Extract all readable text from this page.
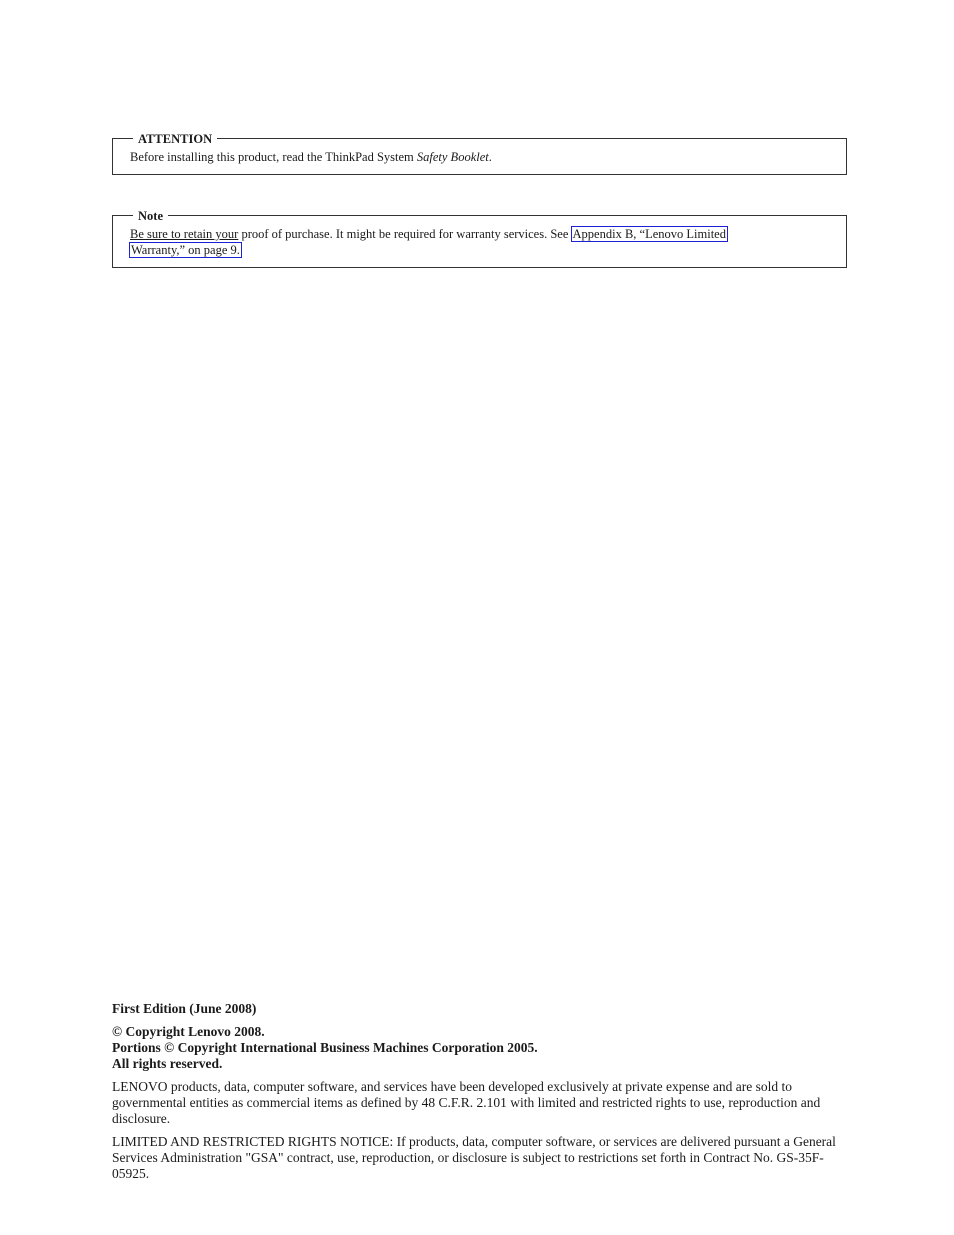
ATTENTION
Before installing this product, read the ThinkPad System Safety Booklet.
Note
Be sure to retain your proof of purchase. It might be required for warranty services. See Appendix B, “Lenovo Limited
Warranty,” on page 9.

First Edition (June 2008)

© Copyright Lenovo 2008.

Portions © Copyright International Business Machines Corporation 2005.

All rights reserved.

LENOVO products, data, computer software, and services have been developed exclusively at private expense and are sold to governmental entities as commercial items as defined by 48 C.F.R. 2.101 with limited and restricted rights to use, reproduction and disclosure.

LIMITED AND RESTRICTED RIGHTS NOTICE: If products, data, computer software, or services are delivered pursuant a General Services Administration "GSA" contract, use, reproduction, or disclosure is subject to restrictions set forth in Contract No. GS-35F-05925.
